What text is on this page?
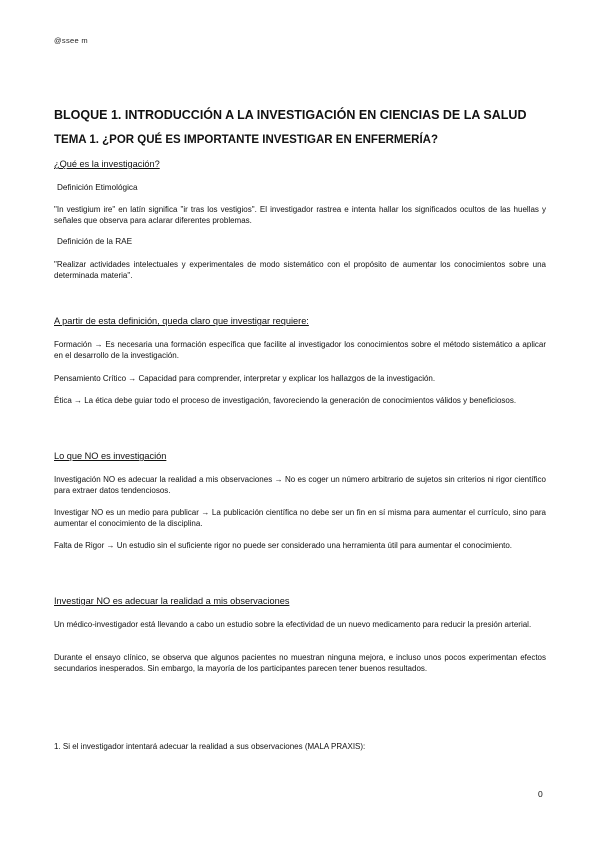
@ssee m
BLOQUE 1. INTRODUCCIÓN A LA INVESTIGACIÓN EN CIENCIAS DE LA SALUD
TEMA 1. ¿POR QUÉ ES IMPORTANTE INVESTIGAR EN ENFERMERÍA?
¿Qué es la investigación?
Definición Etimológica
"In vestigium ire" en latín significa "ir tras los vestigios". El investigador rastrea e intenta hallar los significados ocultos de las huellas y señales que observa para aclarar diferentes problemas.
Definición de la RAE
"Realizar actividades intelectuales y experimentales de modo sistemático con el propósito de aumentar los conocimientos sobre una determinada materia".
A partir de esta definición, queda claro que investigar requiere:
Formación → Es necesaria una formación específica que facilite al investigador los conocimientos sobre el método sistemático a aplicar en el desarrollo de la investigación.
Pensamiento Crítico → Capacidad para comprender, interpretar y explicar los hallazgos de la investigación.
Ética → La ética debe guiar todo el proceso de investigación, favoreciendo la generación de conocimientos válidos y beneficiosos.
Lo que NO es investigación
Investigación NO es adecuar la realidad a mis observaciones → No es coger un número arbitrario de sujetos sin criterios ni rigor científico para extraer datos tendenciosos.
Investigar NO es un medio para publicar → La publicación científica no debe ser un fin en sí misma para aumentar el currículo, sino para aumentar el conocimiento de la disciplina.
Falta de Rigor → Un estudio sin el suficiente rigor no puede ser considerado una herramienta útil para aumentar el conocimiento.
Investigar NO es adecuar la realidad a mis observaciones
Un médico-investigador está llevando a cabo un estudio sobre la efectividad de un nuevo medicamento para reducir la presión arterial.
Durante el ensayo clínico, se observa que algunos pacientes no muestran ninguna mejora, e incluso unos pocos experimentan efectos secundarios inesperados. Sin embargo, la mayoría de los participantes parecen tener buenos resultados.
1. Si el investigador intentará adecuar la realidad a sus observaciones (MALA PRAXIS):
0
